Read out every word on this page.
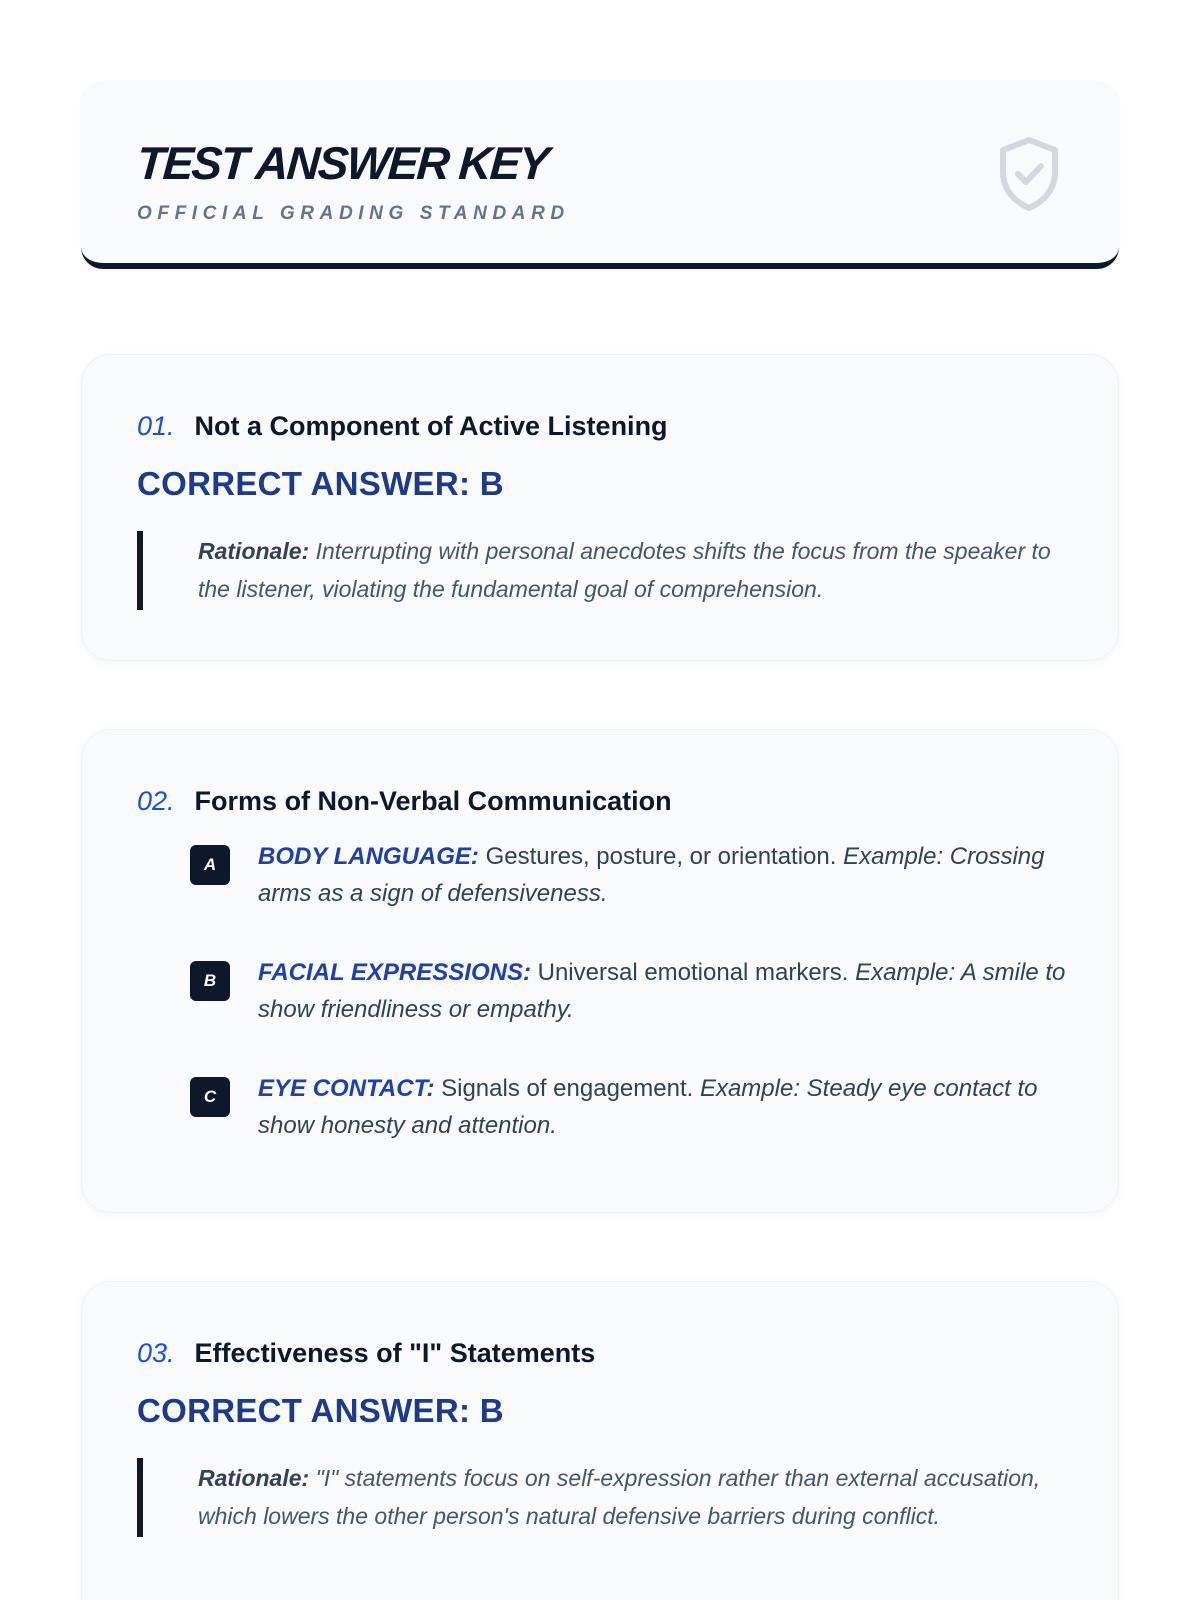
TEST ANSWER KEY
OFFICIAL GRADING STANDARD
01. Not a Component of Active Listening
CORRECT ANSWER: B
Rationale: Interrupting with personal anecdotes shifts the focus from the speaker to the listener, violating the fundamental goal of comprehension.
02. Forms of Non-Verbal Communication
A	BODY LANGUAGE: Gestures, posture, or orientation. Example: Crossing arms as a sign of defensiveness.
B	FACIAL EXPRESSIONS: Universal emotional markers. Example: A smile to show friendliness or empathy.
C	EYE CONTACT: Signals of engagement. Example: Steady eye contact to show honesty and attention.
03. Effectiveness of "I" Statements
CORRECT ANSWER: B
Rationale: "I" statements focus on self-expression rather than external accusation, which lowers the other person's natural defensive barriers during conflict.
